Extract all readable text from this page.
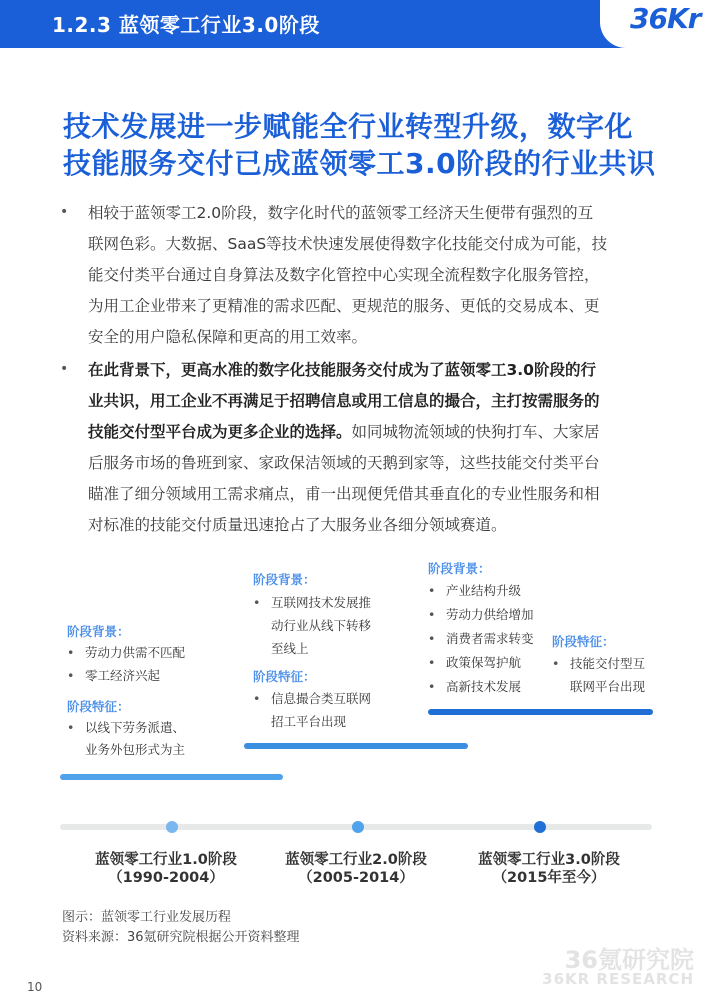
1.2.3 蓝领零工行业3.0阶段	36Kr
技术发展进一步赋能全行业转型升级，数字化
技能服务交付已成蓝领零工3.0阶段的行业共识
• 相较于蓝领零工2.0阶段，数字化时代的蓝领零工经济天生便带有强烈的互
联网色彩。大数据、SaaS等技术快速发展使得数字化技能交付成为可能，技
能交付类平台通过自身算法及数字化管控中心实现全流程数字化服务管控，
为用工企业带来了更精准的需求匹配、更规范的服务、更低的交易成本、更
安全的用户隐私保障和更高的用工效率。
• 在此背景下，更高水准的数字化技能服务交付成为了蓝领零工3.0阶段的行
业共识，用工企业不再满足于招聘信息或用工信息的撮合，主打按需服务的
技能交付型平台成为更多企业的选择。如同城物流领域的快狗打车、大家居
后服务市场的鲁班到家、家政保洁领域的天鹅到家等，这些技能交付类平台
瞄准了细分领域用工需求痛点，甫一出现便凭借其垂直化的专业性服务和相
对标准的技能交付质量迅速抢占了大服务业各细分领域赛道。
阶段背景：
• 劳动力供需不匹配
• 零工经济兴起
阶段特征：
• 以线下劳务派遣、
业务外包形式为主
阶段背景：
• 互联网技术发展推
动行业从线下转移
至线上
阶段特征：
• 信息撮合类互联网
招工平台出现
阶段背景：
• 产业结构升级
• 劳动力供给增加
• 消费者需求转变
• 政策保驾护航
• 高新技术发展
阶段特征：
• 技能交付型互
联网平台出现
蓝领零工行业1.0阶段
（1990-2004）
蓝领零工行业2.0阶段
（2005-2014）
蓝领零工行业3.0阶段
（2015年至今）
图示：蓝领零工行业发展历程
资料来源：36氪研究院根据公开资料整理
36氪研究院
36KR RESEARCH
10
